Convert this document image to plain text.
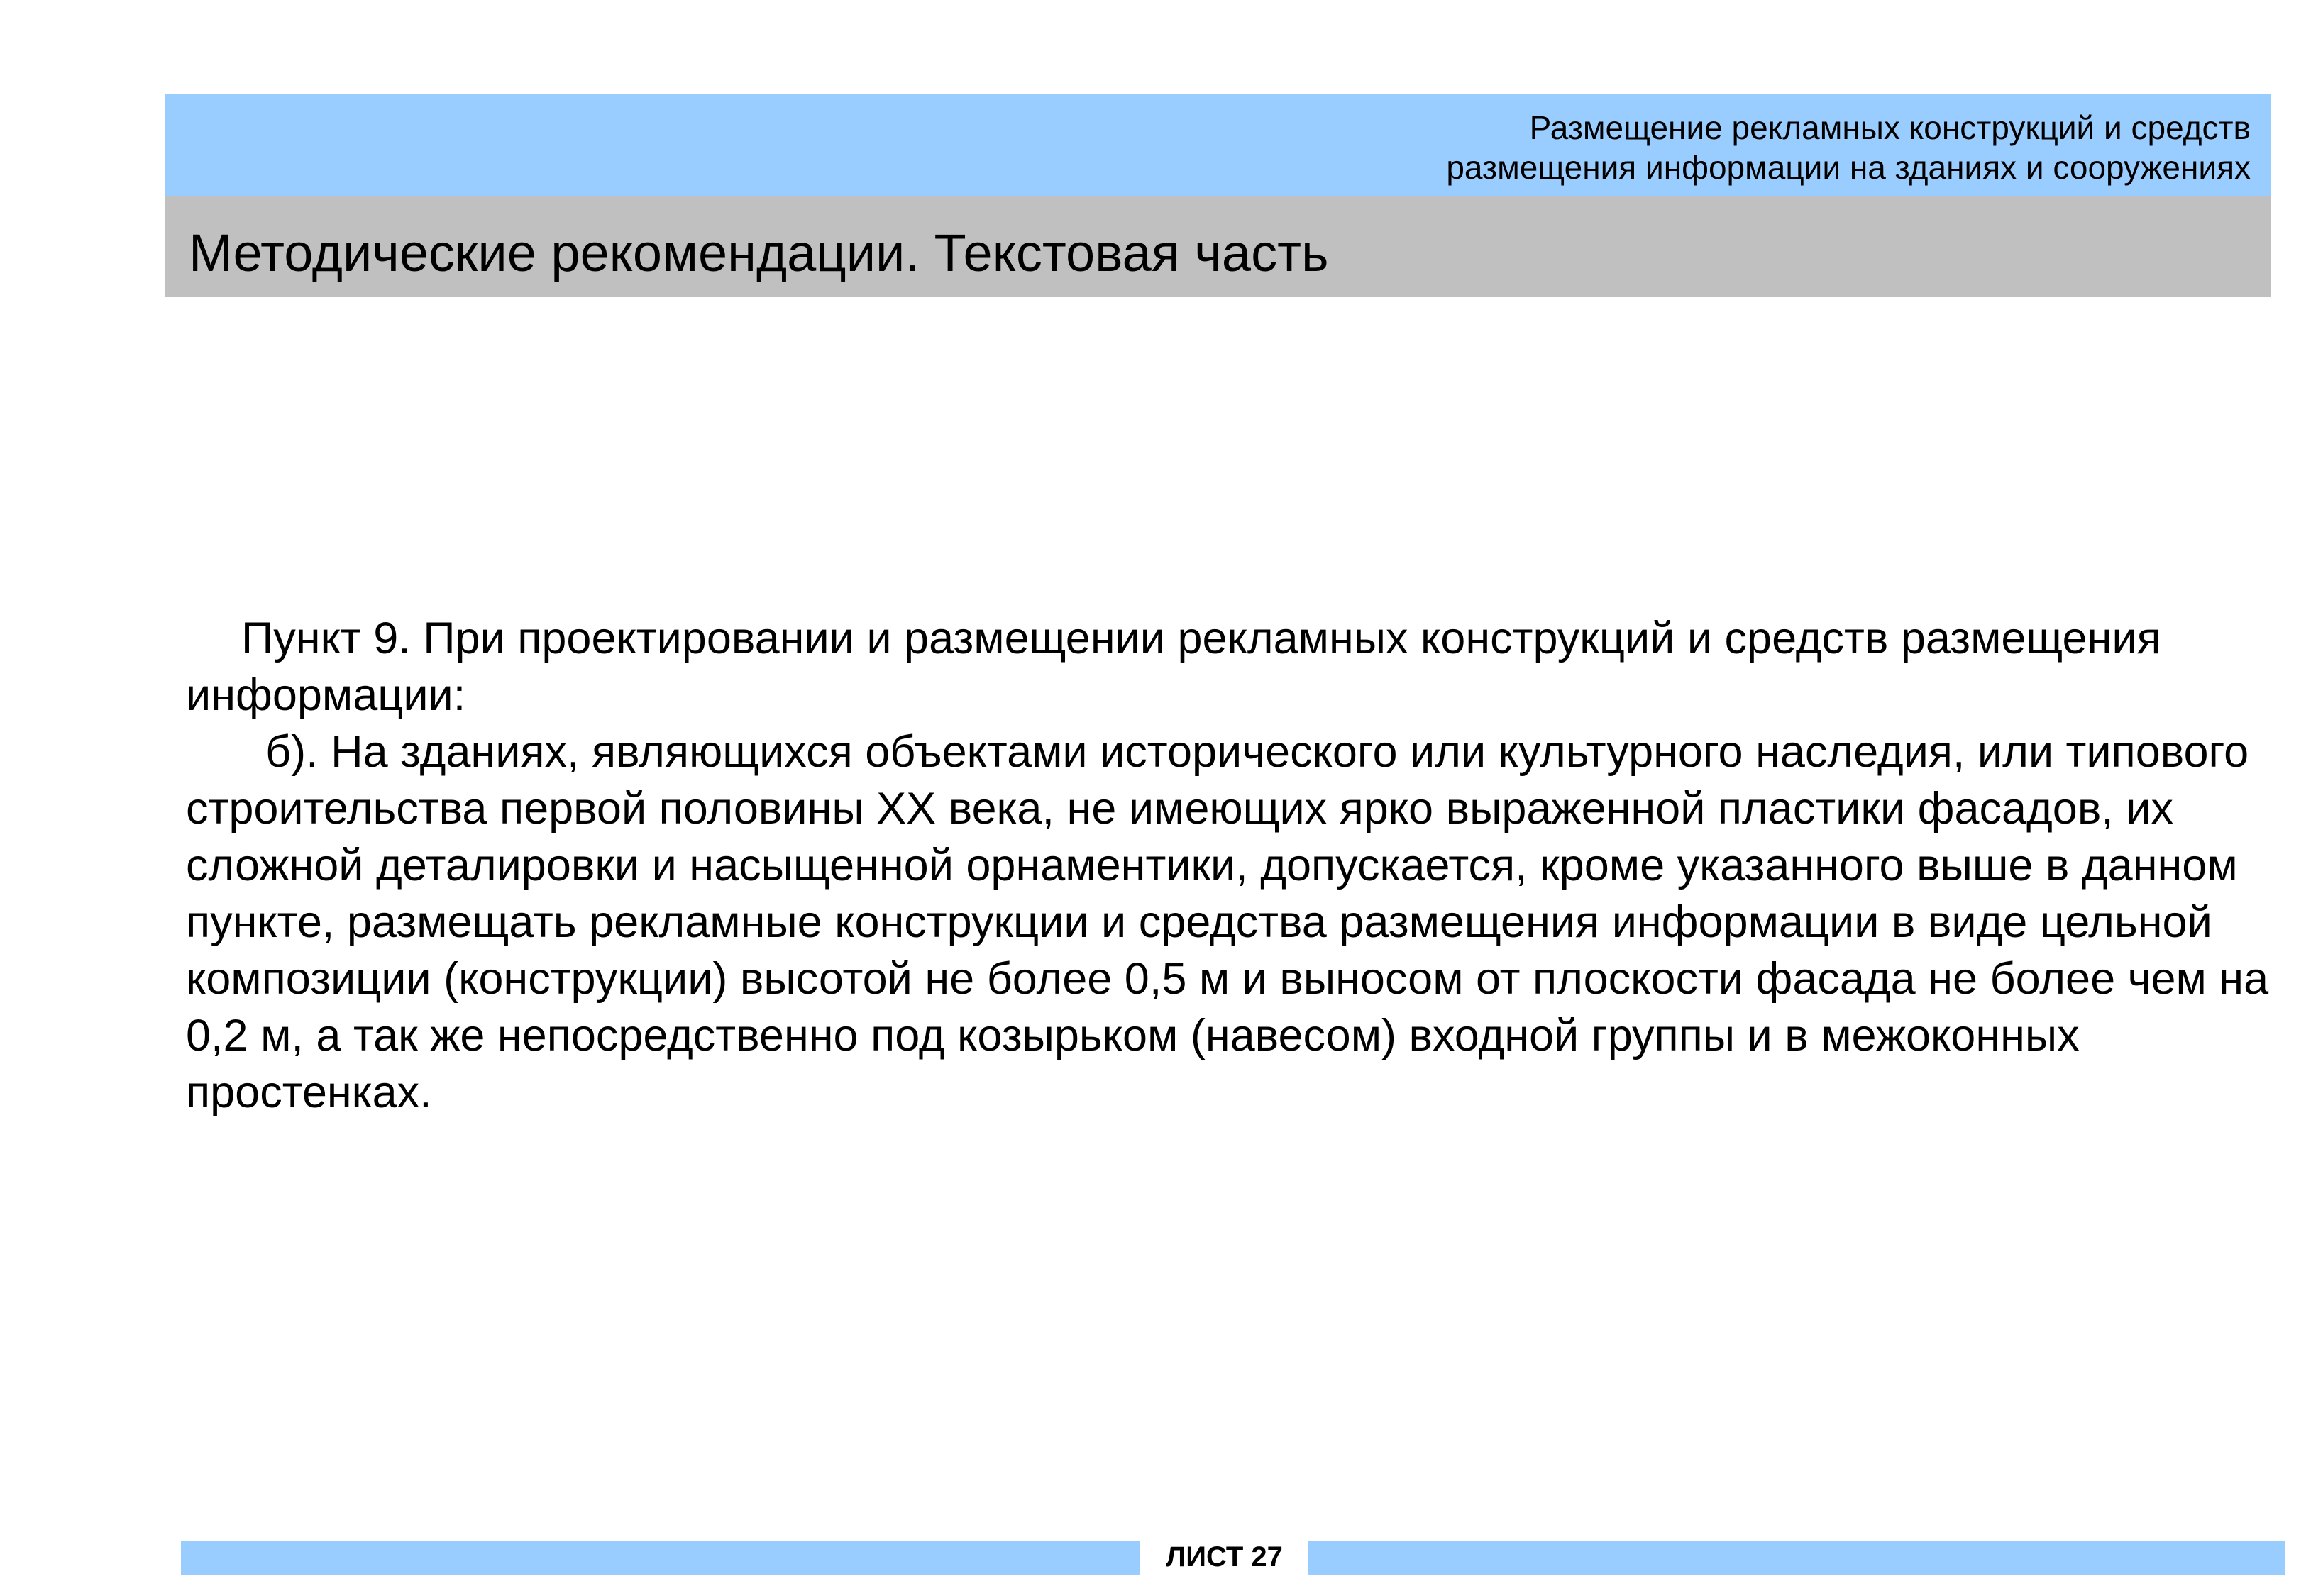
Размещение рекламных конструкций и средств
размещения информации на зданиях и сооружениях
Методические рекомендации. Текстовая часть

Пункт 9. При проектировании и размещении рекламных конструкций и средств размещения информации:

б). На зданиях, являющихся объектами исторического или культурного наследия, или типового строительства первой половины XX века, не имеющих ярко выраженной пластики фасадов, их сложной деталировки и насыщенной орнаментики, допускается, кроме указанного выше в данном пункте, размещать рекламные конструкции и средства размещения информации в виде цельной композиции (конструкции) высотой не более 0,5 м и выносом от плоскости фасада не более чем на 0,2 м, а так же непосредственно под козырьком (навесом) входной группы и в межоконных простенках.

ЛИСТ 27
